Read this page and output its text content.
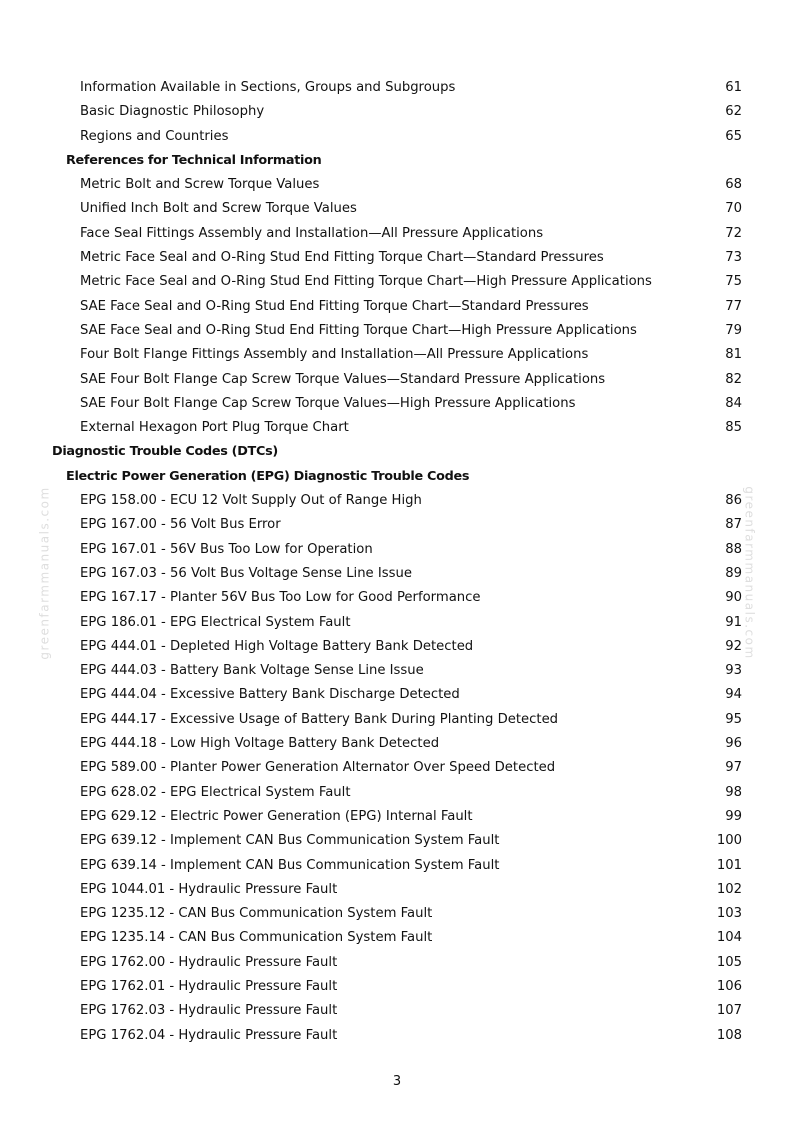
greenfarmmanuals.com	greenfarmmanuals.com
Information Available in Sections, Groups and Subgroups	61
Basic Diagnostic Philosophy	62
Regions and Countries	65
References for Technical Information
Metric Bolt and Screw Torque Values	68
Unified Inch Bolt and Screw Torque Values	70
Face Seal Fittings Assembly and Installation—All Pressure Applications	72
Metric Face Seal and O-Ring Stud End Fitting Torque Chart—Standard Pressures	73
Metric Face Seal and O-Ring Stud End Fitting Torque Chart—High Pressure Applications	75
SAE Face Seal and O-Ring Stud End Fitting Torque Chart—Standard Pressures	77
SAE Face Seal and O-Ring Stud End Fitting Torque Chart—High Pressure Applications	79
Four Bolt Flange Fittings Assembly and Installation—All Pressure Applications	81
SAE Four Bolt Flange Cap Screw Torque Values—Standard Pressure Applications	82
SAE Four Bolt Flange Cap Screw Torque Values—High Pressure Applications	84
External Hexagon Port Plug Torque Chart	85
Diagnostic Trouble Codes (DTCs)
Electric Power Generation (EPG) Diagnostic Trouble Codes
EPG 158.00 - ECU 12 Volt Supply Out of Range High	86
EPG 167.00 - 56 Volt Bus Error	87
EPG 167.01 - 56V Bus Too Low for Operation	88
EPG 167.03 - 56 Volt Bus Voltage Sense Line Issue	89
EPG 167.17 - Planter 56V Bus Too Low for Good Performance	90
EPG 186.01 - EPG Electrical System Fault	91
EPG 444.01 - Depleted High Voltage Battery Bank Detected	92
EPG 444.03 - Battery Bank Voltage Sense Line Issue	93
EPG 444.04 - Excessive Battery Bank Discharge Detected	94
EPG 444.17 - Excessive Usage of Battery Bank During Planting Detected	95
EPG 444.18 - Low High Voltage Battery Bank Detected	96
EPG 589.00 - Planter Power Generation Alternator Over Speed Detected	97
EPG 628.02 - EPG Electrical System Fault	98
EPG 629.12 - Electric Power Generation (EPG) Internal Fault	99
EPG 639.12 - Implement CAN Bus Communication System Fault	100
EPG 639.14 - Implement CAN Bus Communication System Fault	101
EPG 1044.01 - Hydraulic Pressure Fault	102
EPG 1235.12 - CAN Bus Communication System Fault	103
EPG 1235.14 - CAN Bus Communication System Fault	104
EPG 1762.00 - Hydraulic Pressure Fault	105
EPG 1762.01 - Hydraulic Pressure Fault	106
EPG 1762.03 - Hydraulic Pressure Fault	107
EPG 1762.04 - Hydraulic Pressure Fault	108
3
